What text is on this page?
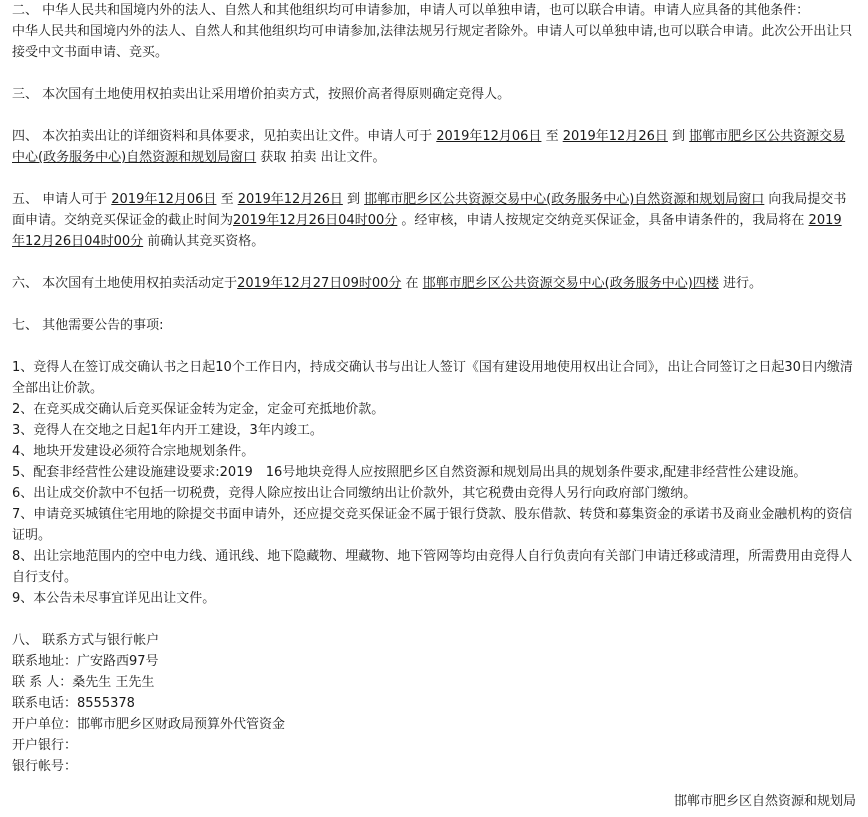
二、 中华人民共和国境内外的法人、自然人和其他组织均可申请参加，申请人可以单独申请，也可以联合申请。申请人应具备的其他条件：

中华人民共和国境内外的法人、自然人和其他组织均可申请参加,法律法规另行规定者除外。申请人可以单独申请,也可以联合申请。此次公开出让只接受中文书面申请、竞买。

三、 本次国有土地使用权拍卖出让采用增价拍卖方式，按照价高者得原则确定竞得人。

四、 本次拍卖出让的详细资料和具体要求，见拍卖出让文件。申请人可于 2019年12月06日 至 2019年12月26日 到 邯郸市肥乡区公共资源交易中心(政务服务中心)自然资源和规划局窗口 获取 拍卖 出让文件。

五、 申请人可于 2019年12月06日 至 2019年12月26日 到 邯郸市肥乡区公共资源交易中心(政务服务中心)自然资源和规划局窗口 向我局提交书面申请。交纳竞买保证金的截止时间为2019年12月26日04时00分 。经审核，申请人按规定交纳竞买保证金，具备申请条件的，我局将在 2019年12月26日04时00分 前确认其竞买资格。

六、 本次国有土地使用权拍卖活动定于2019年12月27日09时00分 在 邯郸市肥乡区公共资源交易中心(政务服务中心)四楼 进行。

七、 其他需要公告的事项:

1、竞得人在签订成交确认书之日起10个工作日内，持成交确认书与出让人签订《国有建设用地使用权出让合同》，出让合同签订之日起30日内缴清全部出让价款。

2、在竞买成交确认后竞买保证金转为定金，定金可充抵地价款。

3、竞得人在交地之日起1年内开工建设，3年内竣工。

4、地块开发建设必须符合宗地规划条件。

5、配套非经营性公建设施建设要求:2019　16号地块竞得人应按照肥乡区自然资源和规划局出具的规划条件要求,配建非经营性公建设施。

6、出让成交价款中不包括一切税费，竞得人除应按出让合同缴纳出让价款外，其它税费由竞得人另行向政府部门缴纳。

7、申请竞买城镇住宅用地的除提交书面申请外，还应提交竞买保证金不属于银行贷款、股东借款、转贷和募集资金的承诺书及商业金融机构的资信证明。

8、出让宗地范围内的空中电力线、通讯线、地下隐藏物、埋藏物、地下管网等均由竞得人自行负责向有关部门申请迁移或清理，所需费用由竞得人自行支付。

9、本公告未尽事宜详见出让文件。

八、 联系方式与银行帐户

联系地址：广安路西97号

联 系 人：桑先生 王先生

联系电话：8555378

开户单位：邯郸市肥乡区财政局预算外代管资金

开户银行：

银行帐号：

邯郸市肥乡区自然资源和规划局
